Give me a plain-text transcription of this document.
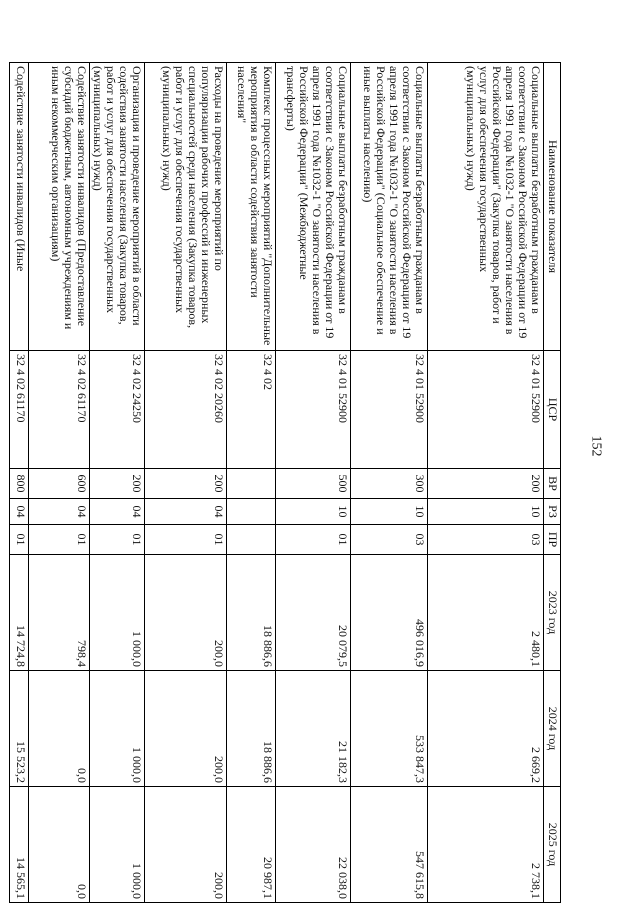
152
Наименование показателя	ЦСР	ВР	РЗ	ПР	2023 год	2024 год	2025 год
Социальные выплаты безработным гражданам в соответствии с Законом Российской Федерации от 19 апреля 1991 года №1032-1 "О занятости населения в Российской Федерации" (Закупка товаров, работ и услуг для обеспечения государственных (муниципальных) нужд)	32 4 01 52900	200	10	03	2 480,1	2 669,2	2 738,1
Социальные выплаты безработным гражданам в соответствии с Законом Российской Федерации от 19 апреля 1991 года №1032-1 "О занятости населения в Российской Федерации" (Социальное обеспечение и иные выплаты населению)	32 4 01 52900	300	10	03	496 016,9	533 847,3	547 615,8
Социальные выплаты безработным гражданам в соответствии с Законом Российской Федерации от 19 апреля 1991 года №1032-1 "О занятости населения в Российской Федерации" (Межбюджетные трансферты)	32 4 01 52900	500	10	01	20 079,5	21 182,3	22 038,0
Комплекс процессных мероприятий "Дополнительные мероприятия в области содействия занятости населения"	32 4 02				18 886,6	18 886,6	20 987,1
Расходы на проведение мероприятий по популяризации рабочих профессий и инженерных специальностей среди населения (Закупка товаров, работ и услуг для обеспечения государственных (муниципальных) нужд)	32 4 02 20260	200	04	01	200,0	200,0	200,0
Организация и проведение мероприятий в области содействия занятости населения (Закупка товаров, работ и услуг для обеспечения государственных (муниципальных) нужд)	32 4 02 24250	200	04	01	1 000,0	1 000,0	1 000,0
Содействие занятости инвалидов (Предоставление субсидий бюджетным, автономным учреждениям и иным некоммерческим организациям)	32 4 02 61170	600	04	01	798,4	0,0	0,0
Содействие занятости инвалидов (Иные	32 4 02 61170	800	04	01	14 724,8	15 523,2	14 565,1
